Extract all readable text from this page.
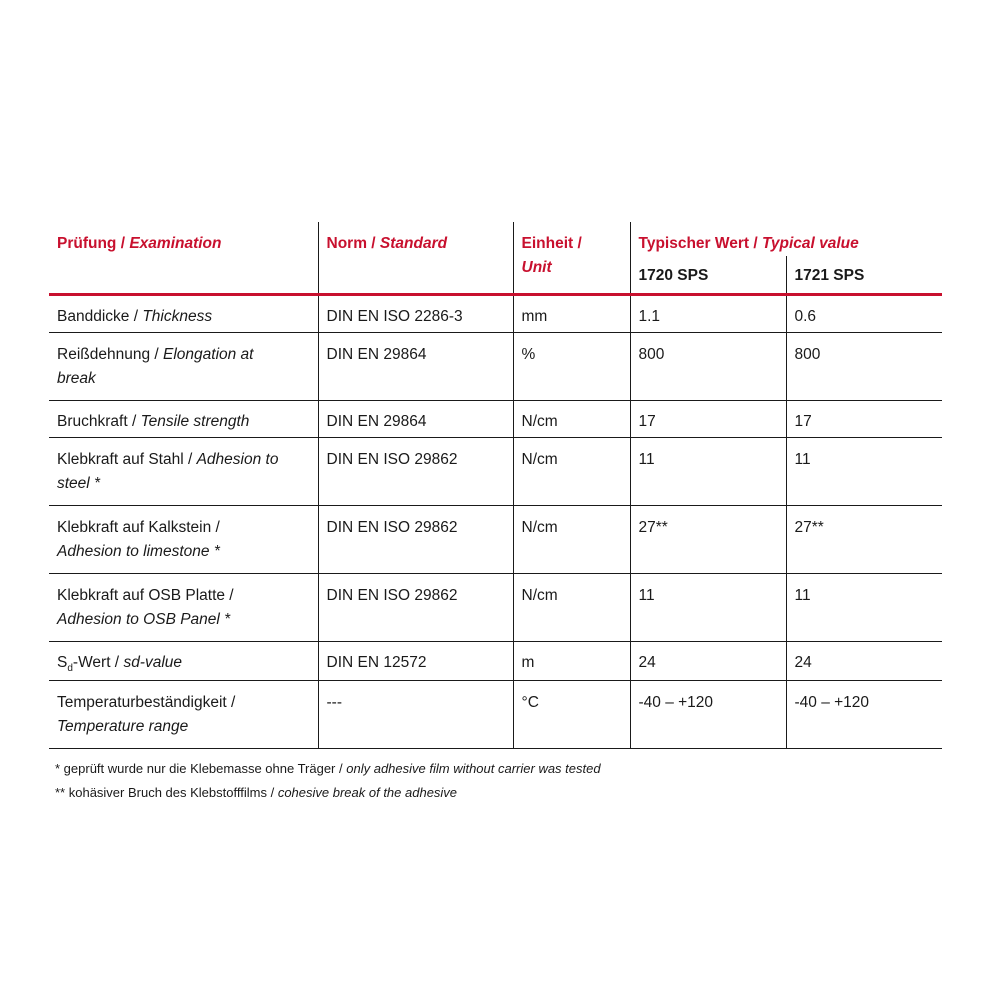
Prüfung / Examination	Norm / Standard	Einheit /
Unit	Typischer Wert / Typical value	
			1720 SPS	1721 SPS
Banddicke / Thickness	DIN EN ISO 2286-3	mm	1.1	0.6
Reißdehnung / Elongation at
break	DIN EN 29864	%	800	800
Bruchkraft / Tensile strength	DIN EN 29864	N/cm	17	17
Klebkraft auf Stahl / Adhesion to
steel *	DIN EN ISO 29862	N/cm	11	11
Klebkraft auf Kalkstein /
Adhesion to limestone *	DIN EN ISO 29862	N/cm	27**	27**
Klebkraft auf OSB Platte /
Adhesion to OSB Panel *	DIN EN ISO 29862	N/cm	11	11
$S_d$-Wert / sd-value	DIN EN 12572	m	24	24
Temperaturbeständigkeit /
Temperature range	---	°C	-40 – +120	-40 – +120
* geprüft wurde nur die Klebemasse ohne Träger / only adhesive film without carrier was tested
** kohäsiver Bruch des Klebstofffilms / cohesive break of the adhesive
